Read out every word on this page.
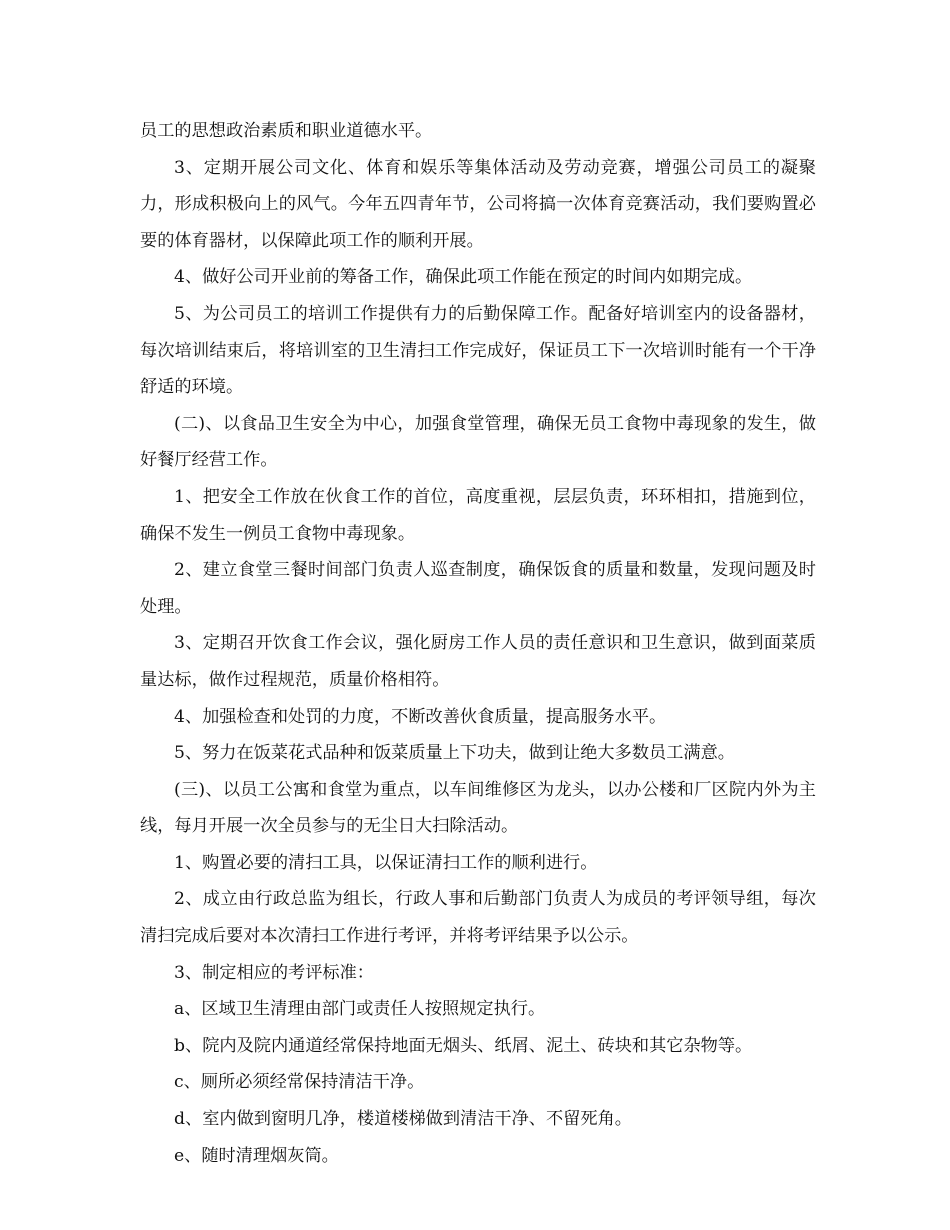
员工的思想政治素质和职业道德水平。

3、定期开展公司文化、体育和娱乐等集体活动及劳动竞赛，增强公司员工的凝聚力，形成积极向上的风气。今年五四青年节，公司将搞一次体育竞赛活动，我们要购置必要的体育器材，以保障此项工作的顺利开展。

4、做好公司开业前的筹备工作，确保此项工作能在预定的时间内如期完成。

5、为公司员工的培训工作提供有力的后勤保障工作。配备好培训室内的设备器材，每次培训结束后，将培训室的卫生清扫工作完成好，保证员工下一次培训时能有一个干净舒适的环境。

(二)、以食品卫生安全为中心，加强食堂管理，确保无员工食物中毒现象的发生，做好餐厅经营工作。

1、把安全工作放在伙食工作的首位，高度重视，层层负责，环环相扣，措施到位，确保不发生一例员工食物中毒现象。

2、建立食堂三餐时间部门负责人巡查制度，确保饭食的质量和数量，发现问题及时处理。

3、定期召开饮食工作会议，强化厨房工作人员的责任意识和卫生意识，做到面菜质量达标，做作过程规范，质量价格相符。

4、加强检查和处罚的力度，不断改善伙食质量，提高服务水平。

5、努力在饭菜花式品种和饭菜质量上下功夫，做到让绝大多数员工满意。

(三)、以员工公寓和食堂为重点，以车间维修区为龙头，以办公楼和厂区院内外为主线，每月开展一次全员参与的无尘日大扫除活动。

1、购置必要的清扫工具，以保证清扫工作的顺利进行。

2、成立由行政总监为组长，行政人事和后勤部门负责人为成员的考评领导组，每次清扫完成后要对本次清扫工作进行考评，并将考评结果予以公示。

3、制定相应的考评标准：

a、区域卫生清理由部门或责任人按照规定执行。

b、院内及院内通道经常保持地面无烟头、纸屑、泥土、砖块和其它杂物等。

c、厕所必须经常保持清洁干净。

d、室内做到窗明几净，楼道楼梯做到清洁干净、不留死角。

e、随时清理烟灰筒。
